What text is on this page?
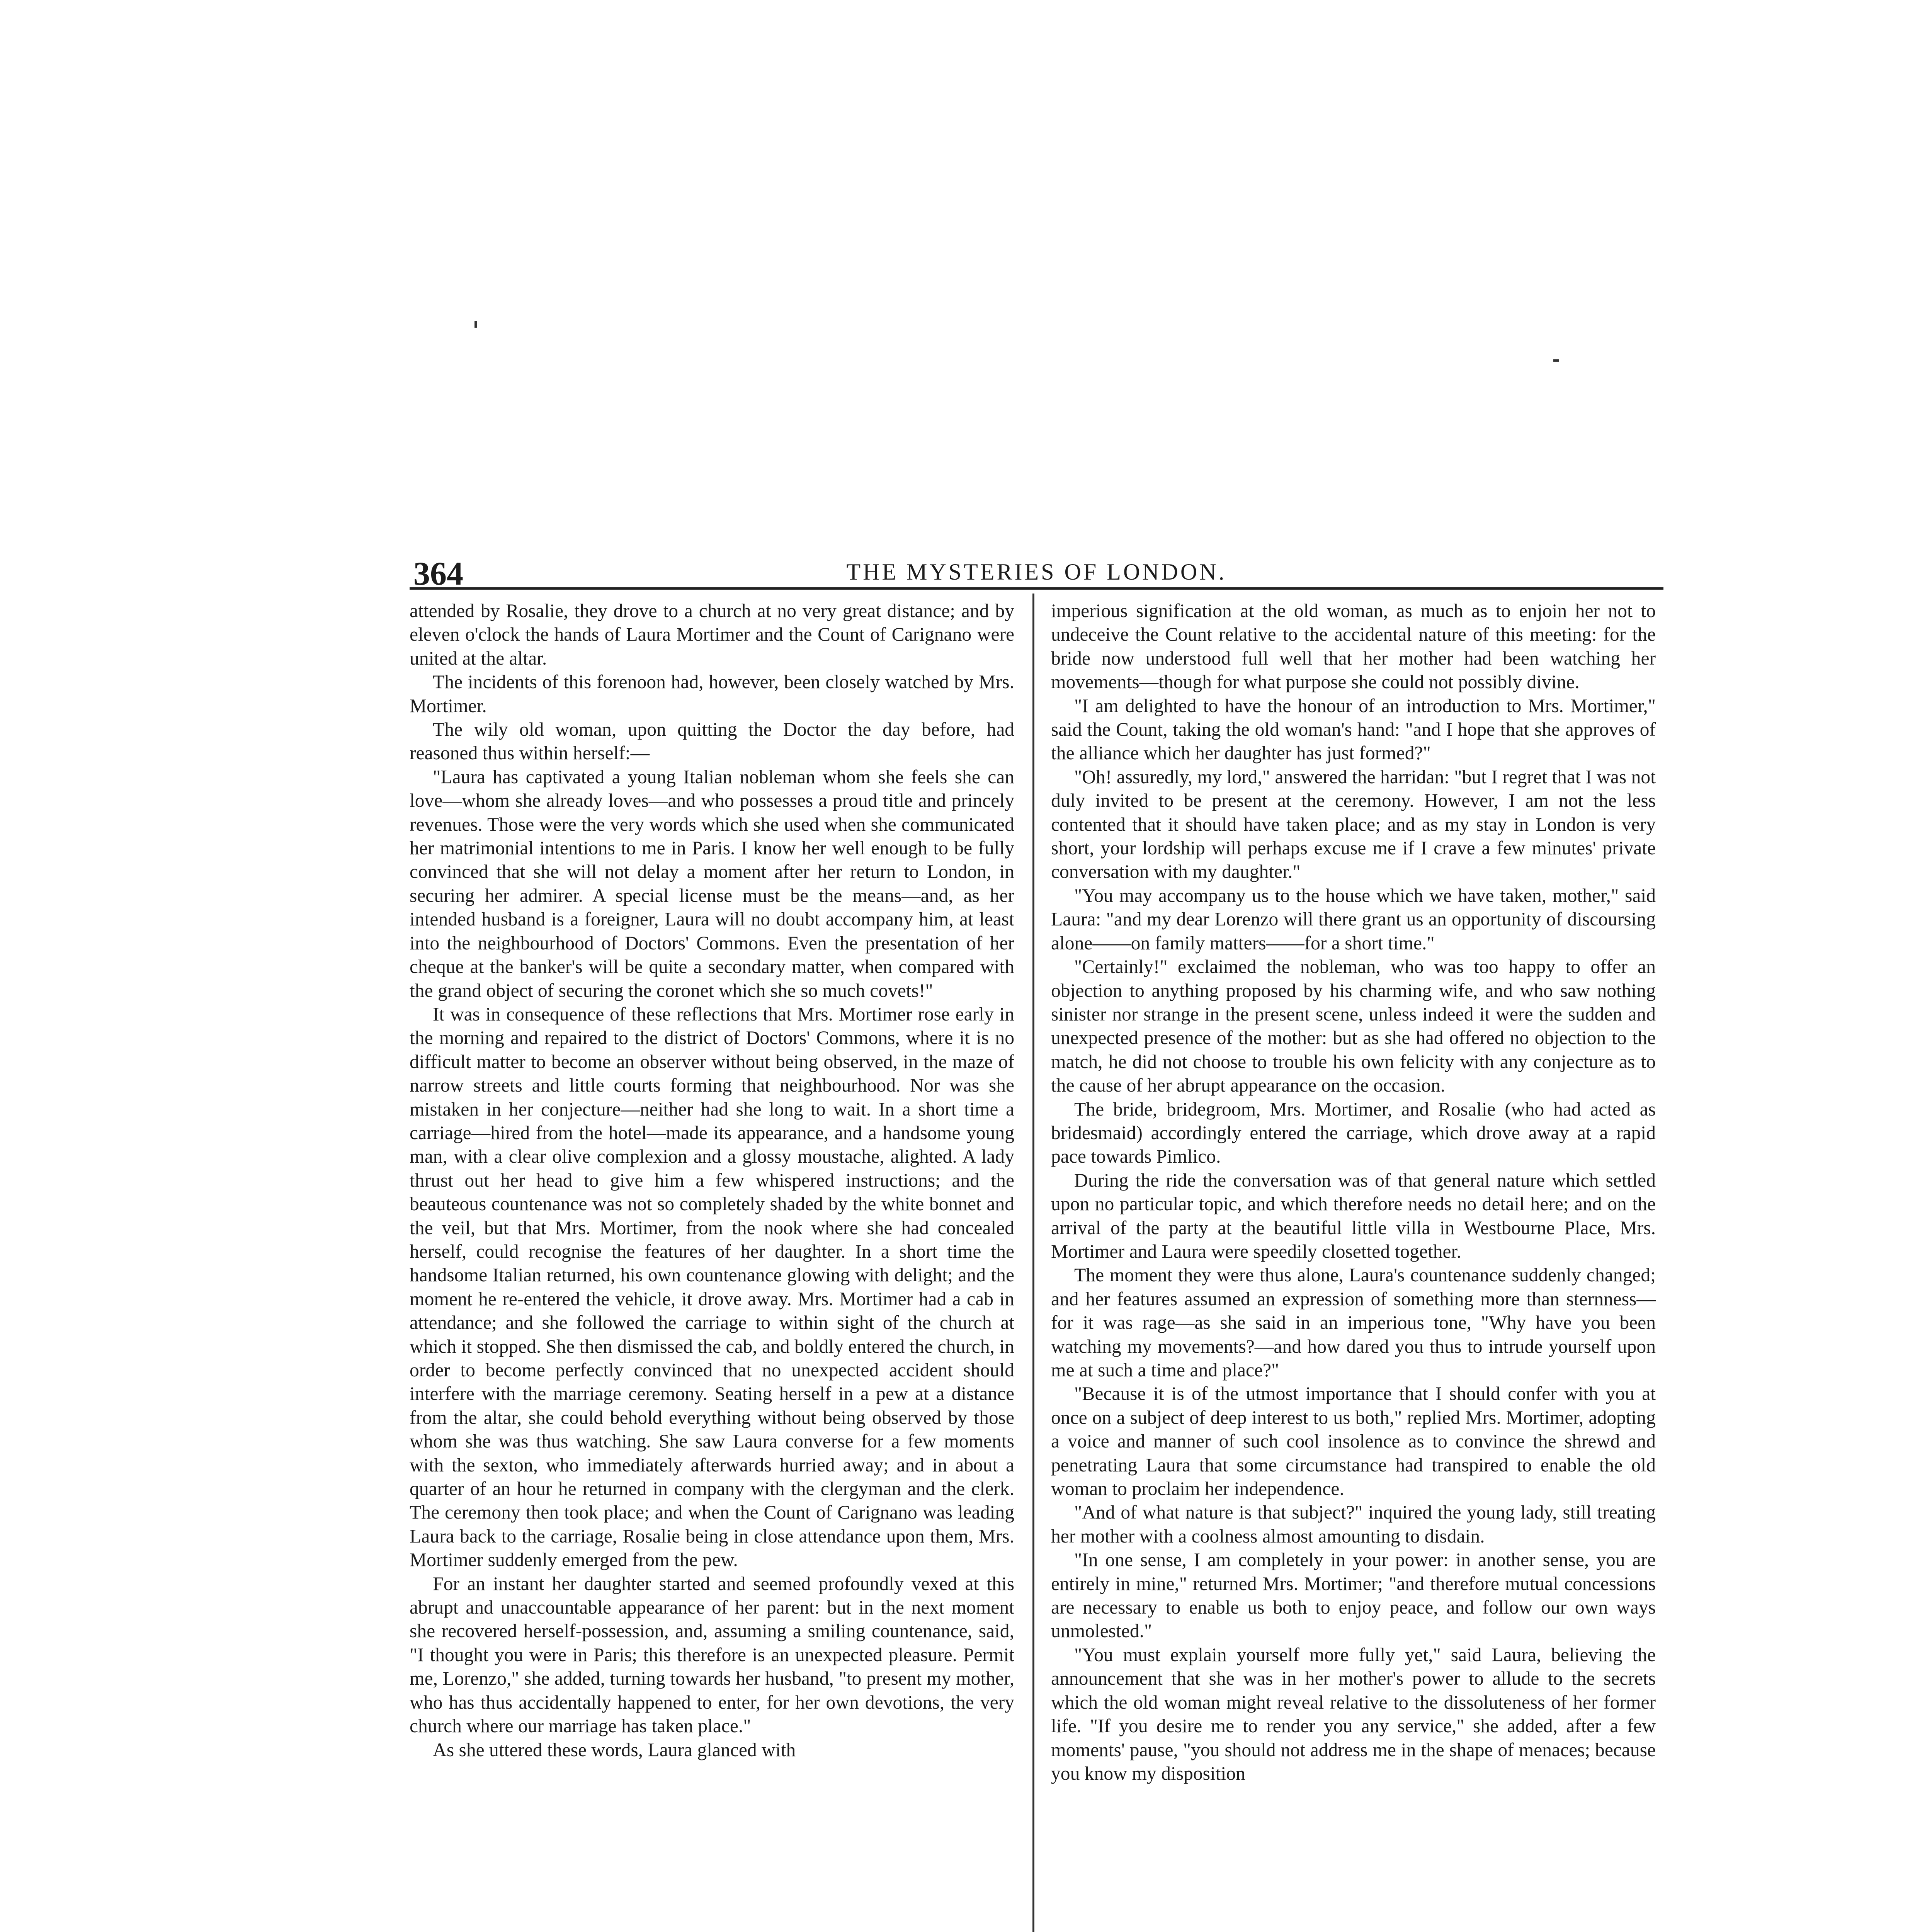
364	THE MYSTERIES OF LONDON.

attended by Rosalie, they drove to a church at no very great distance; and by eleven o'clock the hands of Laura Mortimer and the Count of Carignano were united at the altar.

The incidents of this forenoon had, however, been closely watched by Mrs. Mortimer.

The wily old woman, upon quitting the Doctor the day before, had reasoned thus within herself:—

"Laura has captivated a young Italian nobleman whom she feels she can love—whom she already loves—and who possesses a proud title and princely revenues. Those were the very words which she used when she communicated her matrimonial intentions to me in Paris. I know her well enough to be fully convinced that she will not delay a moment after her return to London, in securing her admirer. A special license must be the means—and, as her intended husband is a foreigner, Laura will no doubt accompany him, at least into the neighbourhood of Doctors' Commons. Even the presentation of her cheque at the banker's will be quite a secondary matter, when compared with the grand object of securing the coronet which she so much covets!"

It was in consequence of these reflections that Mrs. Mortimer rose early in the morning and repaired to the district of Doctors' Commons, where it is no difficult matter to become an observer without being observed, in the maze of narrow streets and little courts forming that neighbourhood. Nor was she mistaken in her conjecture—neither had she long to wait. In a short time a carriage—hired from the hotel—made its appearance, and a handsome young man, with a clear olive complexion and a glossy moustache, alighted. A lady thrust out her head to give him a few whispered instructions; and the beauteous countenance was not so completely shaded by the white bonnet and the veil, but that Mrs. Mortimer, from the nook where she had concealed herself, could recognise the features of her daughter. In a short time the handsome Italian returned, his own countenance glowing with delight; and the moment he re-entered the vehicle, it drove away. Mrs. Mortimer had a cab in attendance; and she followed the carriage to within sight of the church at which it stopped. She then dismissed the cab, and boldly entered the church, in order to become perfectly convinced that no unexpected accident should interfere with the marriage ceremony. Seating herself in a pew at a distance from the altar, she could behold everything without being observed by those whom she was thus watching. She saw Laura converse for a few moments with the sexton, who immediately afterwards hurried away; and in about a quarter of an hour he returned in company with the clergyman and the clerk. The ceremony then took place; and when the Count of Carignano was leading Laura back to the carriage, Rosalie being in close attendance upon them, Mrs. Mortimer suddenly emerged from the pew.

For an instant her daughter started and seemed profoundly vexed at this abrupt and unaccountable appearance of her parent: but in the next moment she recovered herself-possession, and, assuming a smiling countenance, said, "I thought you were in Paris; this therefore is an unexpected pleasure. Permit me, Lorenzo," she added, turning towards her husband, "to present my mother, who has thus accidentally happened to enter, for her own devotions, the very church where our marriage has taken place."

As she uttered these words, Laura glanced with

imperious signification at the old woman, as much as to enjoin her not to undeceive the Count relative to the accidental nature of this meeting: for the bride now understood full well that her mother had been watching her movements—though for what purpose she could not possibly divine.

"I am delighted to have the honour of an introduction to Mrs. Mortimer," said the Count, taking the old woman's hand: "and I hope that she approves of the alliance which her daughter has just formed?"

"Oh! assuredly, my lord," answered the harridan: "but I regret that I was not duly invited to be present at the ceremony. However, I am not the less contented that it should have taken place; and as my stay in London is very short, your lordship will perhaps excuse me if I crave a few minutes' private conversation with my daughter."

"You may accompany us to the house which we have taken, mother," said Laura: "and my dear Lorenzo will there grant us an opportunity of discoursing alone——on family matters——for a short time."

"Certainly!" exclaimed the nobleman, who was too happy to offer an objection to anything proposed by his charming wife, and who saw nothing sinister nor strange in the present scene, unless indeed it were the sudden and unexpected presence of the mother: but as she had offered no objection to the match, he did not choose to trouble his own felicity with any conjecture as to the cause of her abrupt appearance on the occasion.

The bride, bridegroom, Mrs. Mortimer, and Rosalie (who had acted as bridesmaid) accordingly entered the carriage, which drove away at a rapid pace towards Pimlico.

During the ride the conversation was of that general nature which settled upon no particular topic, and which therefore needs no detail here; and on the arrival of the party at the beautiful little villa in Westbourne Place, Mrs. Mortimer and Laura were speedily closetted together.

The moment they were thus alone, Laura's countenance suddenly changed; and her features assumed an expression of something more than sternness—for it was rage—as she said in an imperious tone, "Why have you been watching my movements?—and how dared you thus to intrude yourself upon me at such a time and place?"

"Because it is of the utmost importance that I should confer with you at once on a subject of deep interest to us both," replied Mrs. Mortimer, adopting a voice and manner of such cool insolence as to convince the shrewd and penetrating Laura that some circumstance had transpired to enable the old woman to proclaim her independence.

"And of what nature is that subject?" inquired the young lady, still treating her mother with a coolness almost amounting to disdain.

"In one sense, I am completely in your power: in another sense, you are entirely in mine," returned Mrs. Mortimer; "and therefore mutual concessions are necessary to enable us both to enjoy peace, and follow our own ways unmolested."

"You must explain yourself more fully yet," said Laura, believing the announcement that she was in her mother's power to allude to the secrets which the old woman might reveal relative to the dissoluteness of her former life. "If you desire me to render you any service," she added, after a few moments' pause, "you should not address me in the shape of menaces; because you know my disposition
